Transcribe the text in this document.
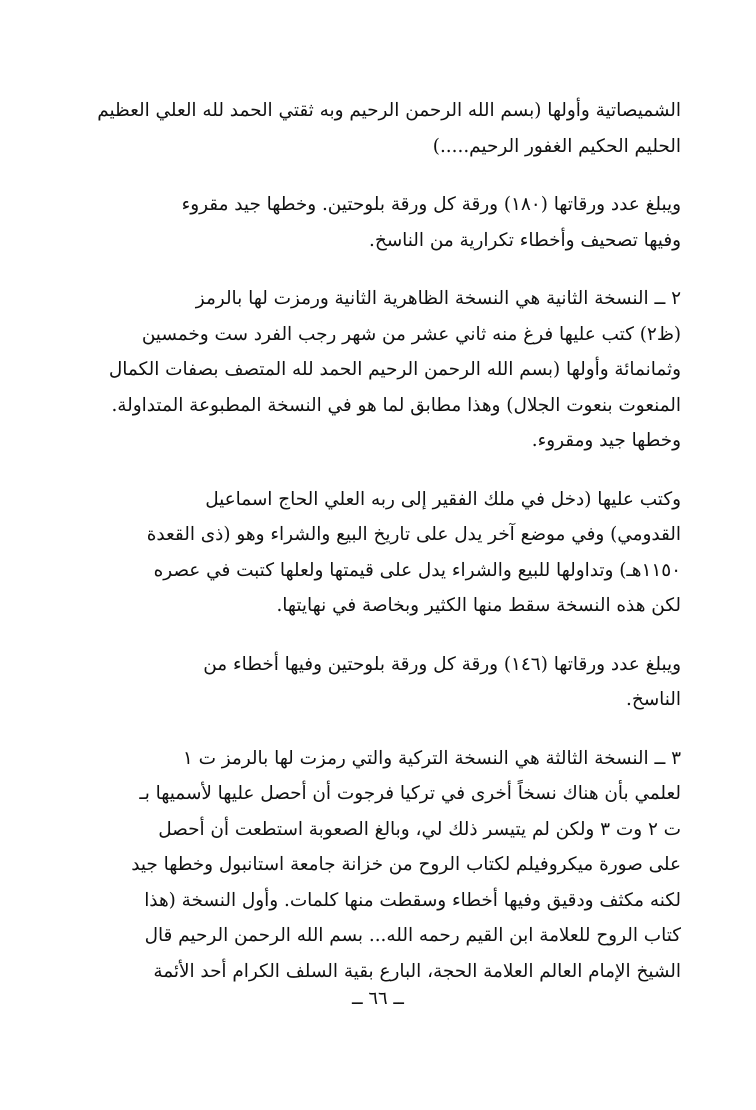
الشميصاتية وأولها (بسم الله الرحمن الرحيم وبه ثقتي الحمد لله العلي العظيم
الحليم الحكيم الغفور الرحيم.....)
ويبلغ عدد ورقاتها (١٨٠) ورقة كل ورقة بلوحتين. وخطها جيد مقروء
وفيها تصحيف وأخطاء تكرارية من الناسخ.
٢ ــ النسخة الثانية هي النسخة الظاهرية الثانية ورمزت لها بالرمز
(ظ٢) كتب عليها فرغ منه ثاني عشر من شهر رجب الفرد ست وخمسين
وثمانمائة وأولها (بسم الله الرحمن الرحيم الحمد لله المتصف بصفات الكمال
المنعوت بنعوت الجلال) وهذا مطابق لما هو في النسخة المطبوعة المتداولة.
وخطها جيد ومقروء.
وكتب عليها (دخل في ملك الفقير إلى ربه العلي الحاج اسماعيل
القدومي) وفي موضع آخر يدل على تاريخ البيع والشراء وهو (ذى القعدة
١١٥٠هـ) وتداولها للبيع والشراء يدل على قيمتها ولعلها كتبت في عصره
لكن هذه النسخة سقط منها الكثير وبخاصة في نهايتها.
ويبلغ عدد ورقاتها (١٤٦) ورقة كل ورقة بلوحتين وفيها أخطاء من
الناسخ.
٣ ــ النسخة الثالثة هي النسخة التركية والتي رمزت لها بالرمز ت ١
لعلمي بأن هناك نسخاً أخرى في تركيا فرجوت أن أحصل عليها لأسميها بـ
ت ٢ وت ٣ ولكن لم يتيسر ذلك لي، وبالغ الصعوبة استطعت أن أحصل
على صورة ميكروفيلم لكتاب الروح من خزانة جامعة استانبول وخطها جيد
لكنه مكثف ودقيق وفيها أخطاء وسقطت منها كلمات. وأول النسخة (هذا
كتاب الروح للعلامة ابن القيم رحمه الله... بسم الله الرحمن الرحيم قال
الشيخ الإمام العالم العلامة الحجة، البارع بقية السلف الكرام أحد الأئمة
ــ ٦٦ ــ
